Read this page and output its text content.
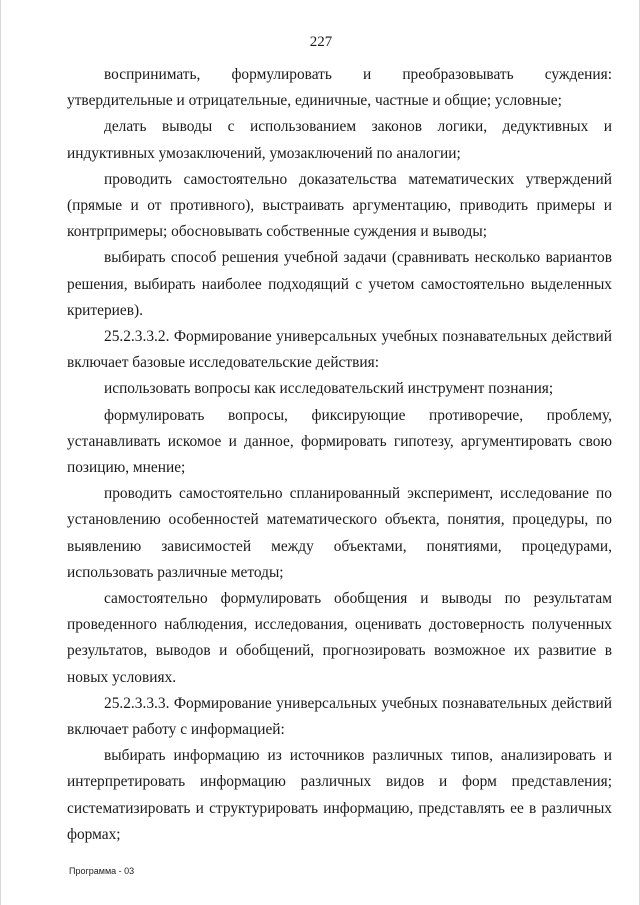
227

воспринимать, формулировать и преобразовывать суждения: утвердительные и отрицательные, единичные, частные и общие; условные;

делать выводы с использованием законов логики, дедуктивных и индуктивных умозаключений, умозаключений по аналогии;

проводить самостоятельно доказательства математических утверждений (прямые и от противного), выстраивать аргументацию, приводить примеры и контрпримеры; обосновывать собственные суждения и выводы;

выбирать способ решения учебной задачи (сравнивать несколько вариантов решения, выбирать наиболее подходящий с учетом самостоятельно выделенных критериев).

25.2.3.3.2. Формирование универсальных учебных познавательных действий включает базовые исследовательские действия:

использовать вопросы как исследовательский инструмент познания;

формулировать вопросы, фиксирующие противоречие, проблему, устанавливать искомое и данное, формировать гипотезу, аргументировать свою позицию, мнение;

проводить самостоятельно спланированный эксперимент, исследование по установлению особенностей математического объекта, понятия, процедуры, по выявлению зависимостей между объектами, понятиями, процедурами, использовать различные методы;

самостоятельно формулировать обобщения и выводы по результатам проведенного наблюдения, исследования, оценивать достоверность полученных результатов, выводов и обобщений, прогнозировать возможное их развитие в новых условиях.

25.2.3.3.3. Формирование универсальных учебных познавательных действий включает работу с информацией:

выбирать информацию из источников различных типов, анализировать и интерпретировать информацию различных видов и форм представления; систематизировать и структурировать информацию, представлять ее в различных формах;

Программа - 03
